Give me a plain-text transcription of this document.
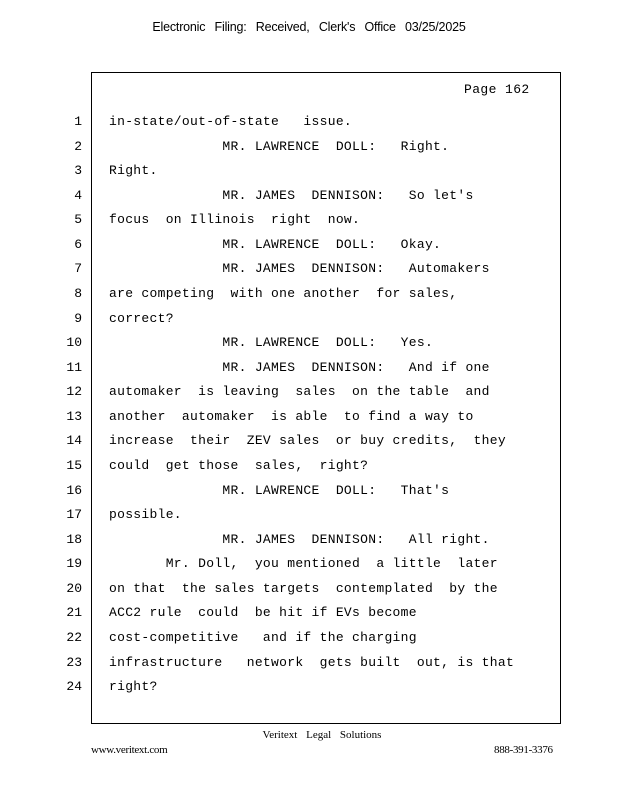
Electronic Filing: Received, Clerk's Office 03/25/2025
Page 162
1 in-state/out-of-state   issue.
2 MR. LAWRENCE  DOLL:   Right.
3 Right.
4 MR. JAMES  DENNISON:   So let's
5 focus  on Illinois  right  now.
6 MR. LAWRENCE  DOLL:   Okay.
7 MR. JAMES  DENNISON:   Automakers
8 are competing  with one another  for sales,
9 correct?
10 MR. LAWRENCE  DOLL:   Yes.
11 MR. JAMES  DENNISON:   And if one
12 automaker  is leaving  sales  on the table  and
13 another  automaker  is able  to find a way to
14 increase  their  ZEV sales  or buy credits,  they
15 could  get those  sales,  right?
16 MR. LAWRENCE  DOLL:   That's
17 possible.
18 MR. JAMES  DENNISON:   All right.
19 Mr. Doll,  you mentioned  a little  later
20 on that  the sales targets  contemplated  by the
21 ACC2 rule  could  be hit if EVs become
22 cost-competitive   and if the charging
23 infrastructure   network  gets built  out, is that
24 right?
Veritext Legal Solutions
www.veritext.com	888-391-3376
